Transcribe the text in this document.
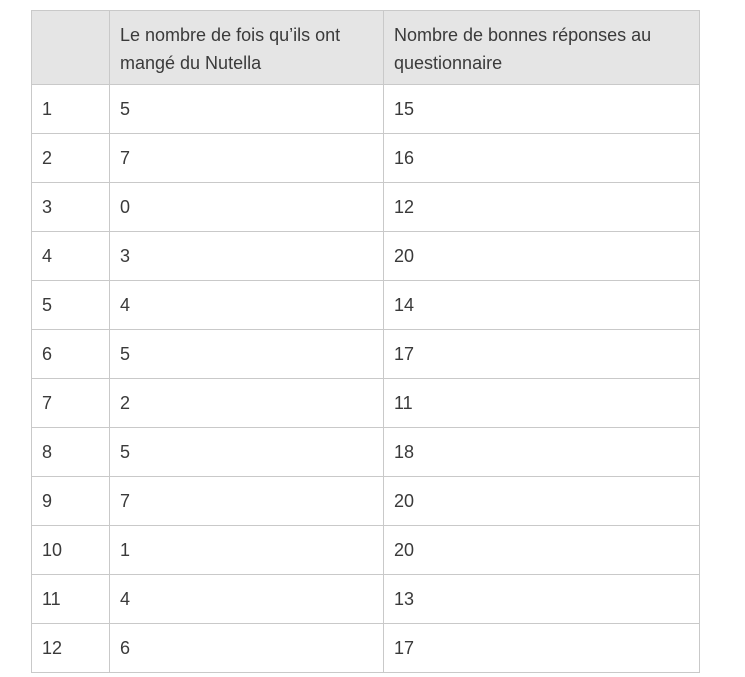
	Le nombre de fois qu’ils ont mangé du Nutella	Nombre de bonnes réponses au questionnaire
1	5	15
2	7	16
3	0	12
4	3	20
5	4	14
6	5	17
7	2	11
8	5	18
9	7	20
10	1	20
11	4	13
12	6	17
